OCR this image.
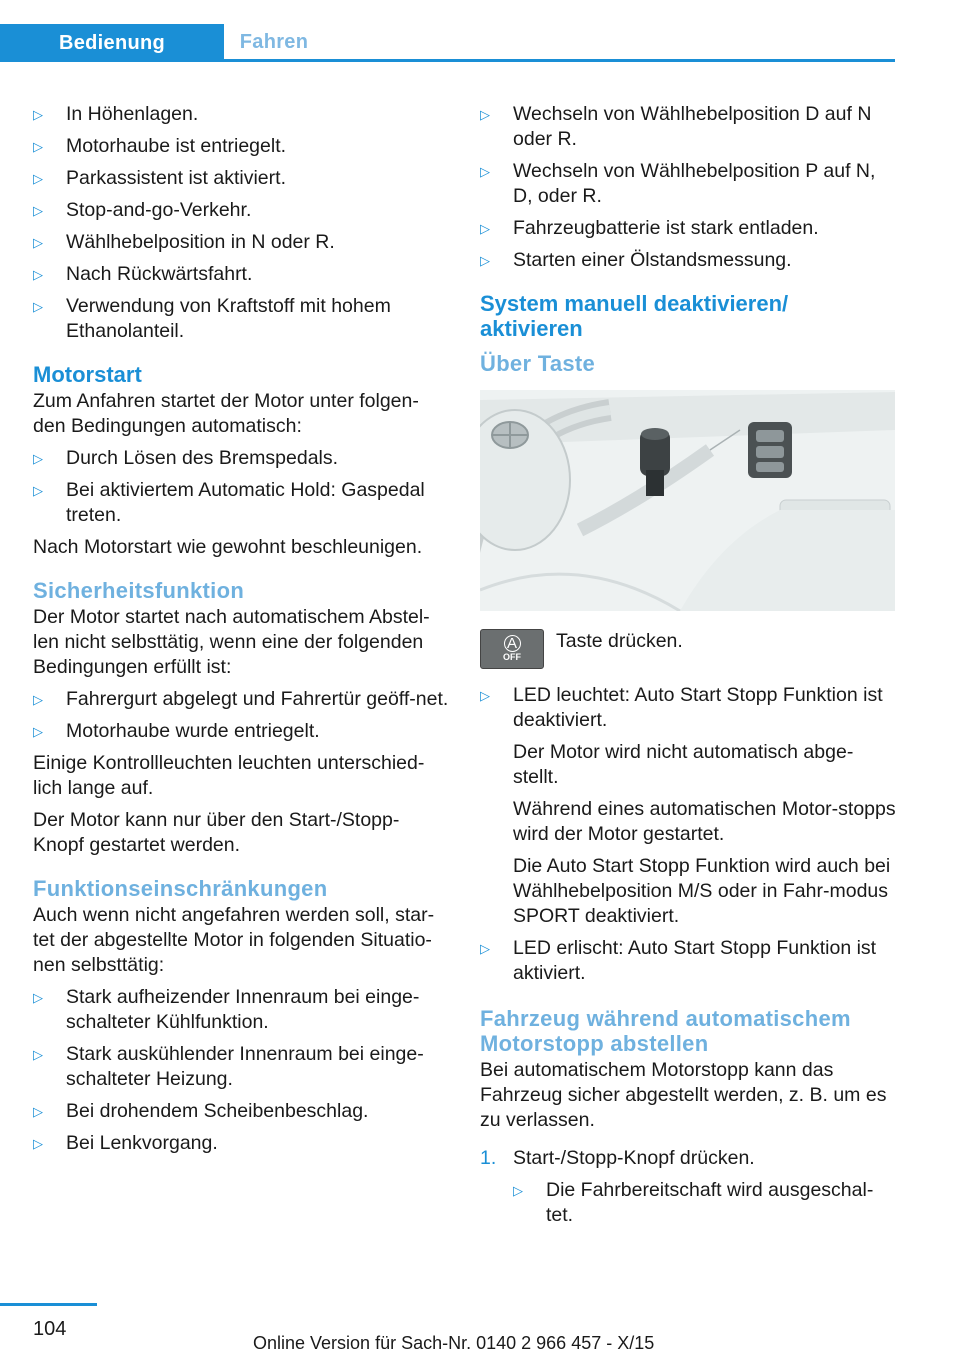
Bedienung	Fahren
▷	In Höhenlagen.
▷	Motorhaube ist entriegelt.
▷	Parkassistent ist aktiviert.
▷	Stop-and-go-Verkehr.
▷	Wählhebelposition in N oder R.
▷	Nach Rückwärtsfahrt.
▷	Verwendung von Kraftstoff mit hohem Ethanolanteil.
Motorstart

Zum Anfahren startet der Motor unter folgen-den Bedingungen automatisch:

▷	Durch Lösen des Bremspedals.
▷	Bei aktiviertem Automatic Hold: Gaspedal treten.

Nach Motorstart wie gewohnt beschleunigen.

Sicherheitsfunktion

Der Motor startet nach automatischem Abstel-len nicht selbsttätig, wenn eine der folgenden Bedingungen erfüllt ist:

▷	Fahrergurt abgelegt und Fahrertür geöff-net.
▷	Motorhaube wurde entriegelt.

Einige Kontrollleuchten leuchten unterschied-lich lange auf.

Der Motor kann nur über den Start-/Stopp-Knopf gestartet werden.

Funktionseinschränkungen

Auch wenn nicht angefahren werden soll, star-tet der abgestellte Motor in folgenden Situatio-nen selbsttätig:

▷	Stark aufheizender Innenraum bei einge-schalteter Kühlfunktion.
▷	Stark auskühlender Innenraum bei einge-schalteter Heizung.
▷	Bei drohendem Scheibenbeschlag.
▷	Bei Lenkvorgang.
▷	Wechseln von Wählhebelposition D auf N oder R.
▷	Wechseln von Wählhebelposition P auf N, D, oder R.
▷	Fahrzeugbatterie ist stark entladen.
▷	Starten einer Ölstandsmessung.
System manuell deaktivieren/ aktivieren
Über Taste
A
OFF
Taste drücken.
▷	LED leuchtet: Auto Start Stopp Funktion ist deaktiviert.

Der Motor wird nicht automatisch abge-stellt.

Während eines automatischen Motor-stopps wird der Motor gestartet.

Die Auto Start Stopp Funktion wird auch bei Wählhebelposition M/S oder in Fahr-modus SPORT deaktiviert.

▷	LED erlischt: Auto Start Stopp Funktion ist aktiviert.
Fahrzeug während automatischem Motorstopp abstellen

Bei automatischem Motorstopp kann das Fahrzeug sicher abgestellt werden, z. B. um es zu verlassen.

1. Start-/Stopp-Knopf drücken.
▷	Die Fahrbereitschaft wird ausgeschal-tet.
104
Online Version für Sach-Nr. 0140 2 966 457 - X/15
